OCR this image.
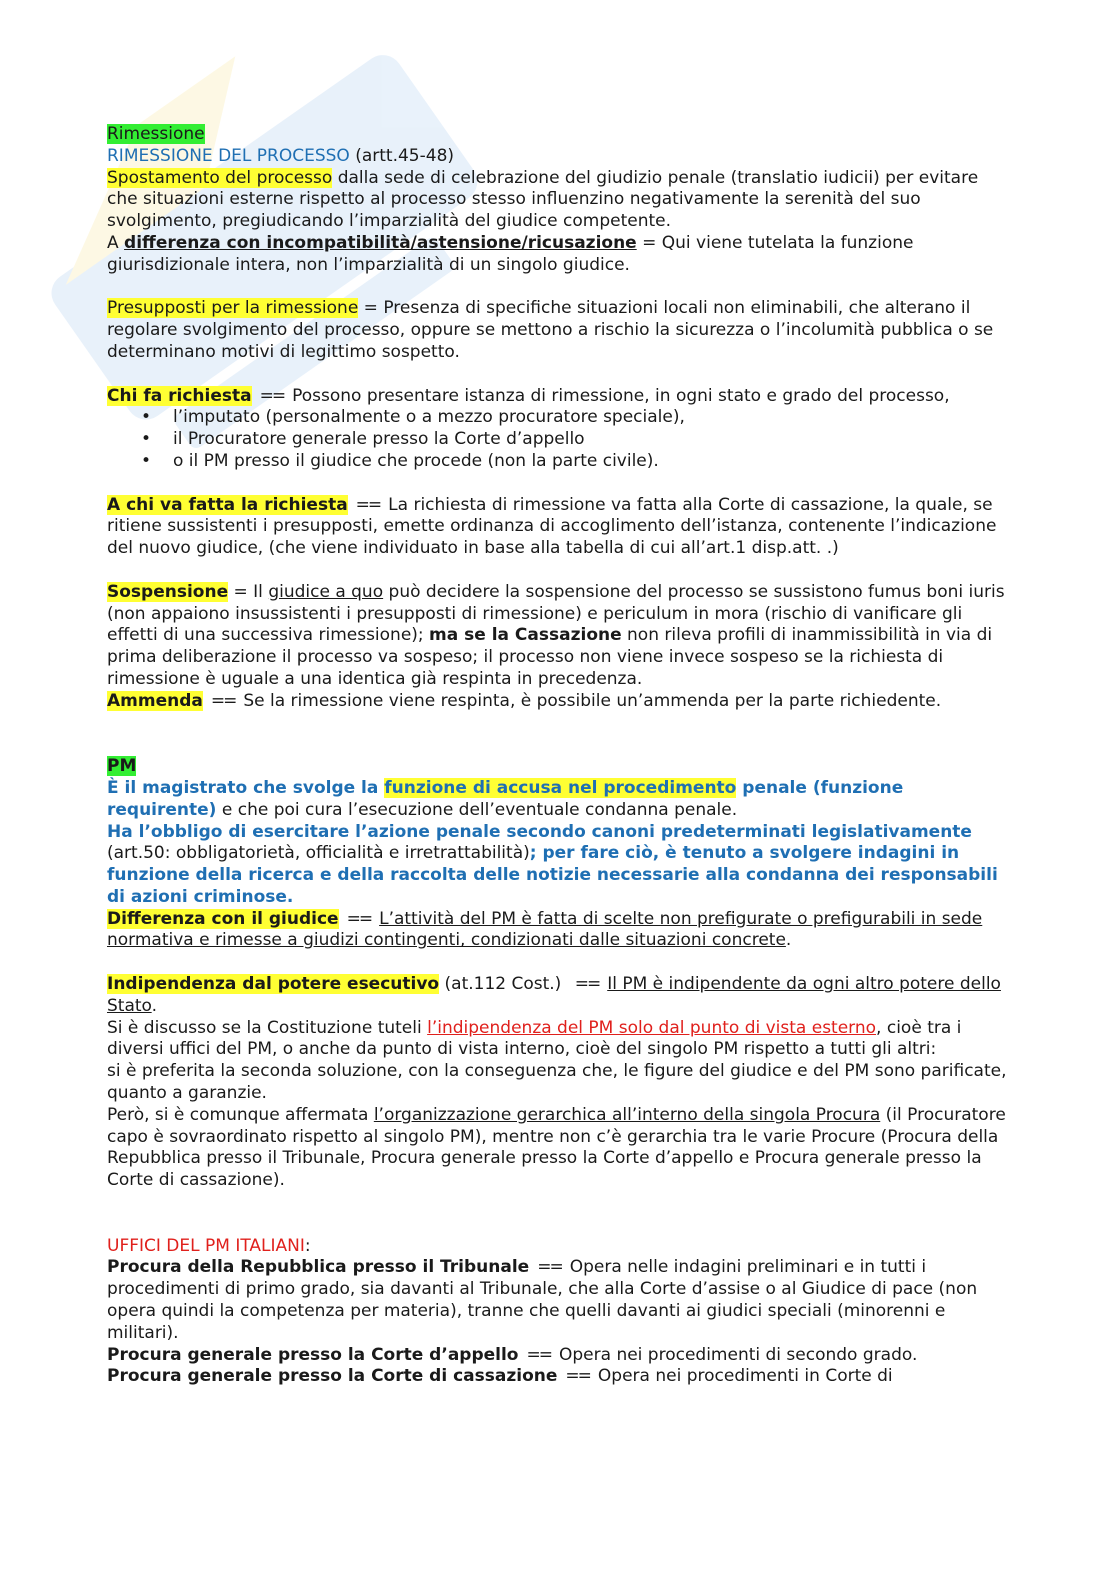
Rimessione

RIMESSIONE DEL PROCESSO (artt.45-48)

Spostamento del processo dalla sede di celebrazione del giudizio penale (translatio iudicii) per evitare che situazioni esterne rispetto al processo stesso influenzino negativamente la serenità del suo svolgimento, pregiudicando l’imparzialità del giudice competente.

A differenza con incompatibilità/astensione/ricusazione = Qui viene tutelata la funzione giurisdizionale intera, non l’imparzialità di un singolo giudice.

Presupposti per la rimessione = Presenza di specifiche situazioni locali non eliminabili, che alterano il regolare svolgimento del processo, oppure se mettono a rischio la sicurezza o l’incolumità pubblica o se determinano motivi di legittimo sospetto.

Chi fa richiesta == Possono presentare istanza di rimessione, in ogni stato e grado del processo,

• l’imputato (personalmente o a mezzo procuratore speciale),
• il Procuratore generale presso la Corte d’appello
• o il PM presso il giudice che procede (non la parte civile).

A chi va fatta la richiesta == La richiesta di rimessione va fatta alla Corte di cassazione, la quale, se ritiene sussistenti i presupposti, emette ordinanza di accoglimento dell’istanza, contenente l’indicazione del nuovo giudice, (che viene individuato in base alla tabella di cui all’art.1 disp.att. .)

Sospensione = Il giudice a quo può decidere la sospensione del processo se sussistono fumus boni iuris (non appaiono insussistenti i presupposti di rimessione) e periculum in mora (rischio di vanificare gli effetti di una successiva rimessione); ma se la Cassazione non rileva profili di inammissibilità in via di prima deliberazione il processo va sospeso; il processo non viene invece sospeso se la richiesta di rimessione è uguale a una identica già respinta in precedenza.

Ammenda == Se la rimessione viene respinta, è possibile un’ammenda per la parte richiedente.

PM

È il magistrato che svolge la funzione di accusa nel procedimento penale (funzione requirente) e che poi cura l’esecuzione dell’eventuale condanna penale.

Ha l’obbligo di esercitare l’azione penale secondo canoni predeterminati legislativamente (art.50: obbligatorietà, officialità e irretrattabilità); per fare ciò, è tenuto a svolgere indagini in funzione della ricerca e della raccolta delle notizie necessarie alla condanna dei responsabili di azioni criminose.

Differenza con il giudice == L’attività del PM è fatta di scelte non prefigurate o prefigurabili in sede
normativa e rimesse a giudizi contingenti, condizionati dalle situazioni concrete.

Indipendenza dal potere esecutivo (at.112 Cost.) == Il PM è indipendente da ogni altro potere dello Stato.

Si è discusso se la Costituzione tuteli l’indipendenza del PM solo dal punto di vista esterno, cioè tra i diversi uffici del PM, o anche da punto di vista interno, cioè del singolo PM rispetto a tutti gli altri:

si è preferita la seconda soluzione, con la conseguenza che, le figure del giudice e del PM sono parificate, quanto a garanzie.

Però, si è comunque affermata l’organizzazione gerarchica all’interno della singola Procura (il Procuratore capo è sovraordinato rispetto al singolo PM), mentre non c’è gerarchia tra le varie Procure (Procura della Repubblica presso il Tribunale, Procura generale presso la Corte d’appello e Procura generale presso la Corte di cassazione).

UFFICI DEL PM ITALIANI:

Procura della Repubblica presso il Tribunale == Opera nelle indagini preliminari e in tutti i procedimenti di primo grado, sia davanti al Tribunale, che alla Corte d’assise o al Giudice di pace (non opera quindi la competenza per materia), tranne che quelli davanti ai giudici speciali (minorenni e militari).

Procura generale presso la Corte d’appello == Opera nei procedimenti di secondo grado.

Procura generale presso la Corte di cassazione == Opera nei procedimenti in Corte di
